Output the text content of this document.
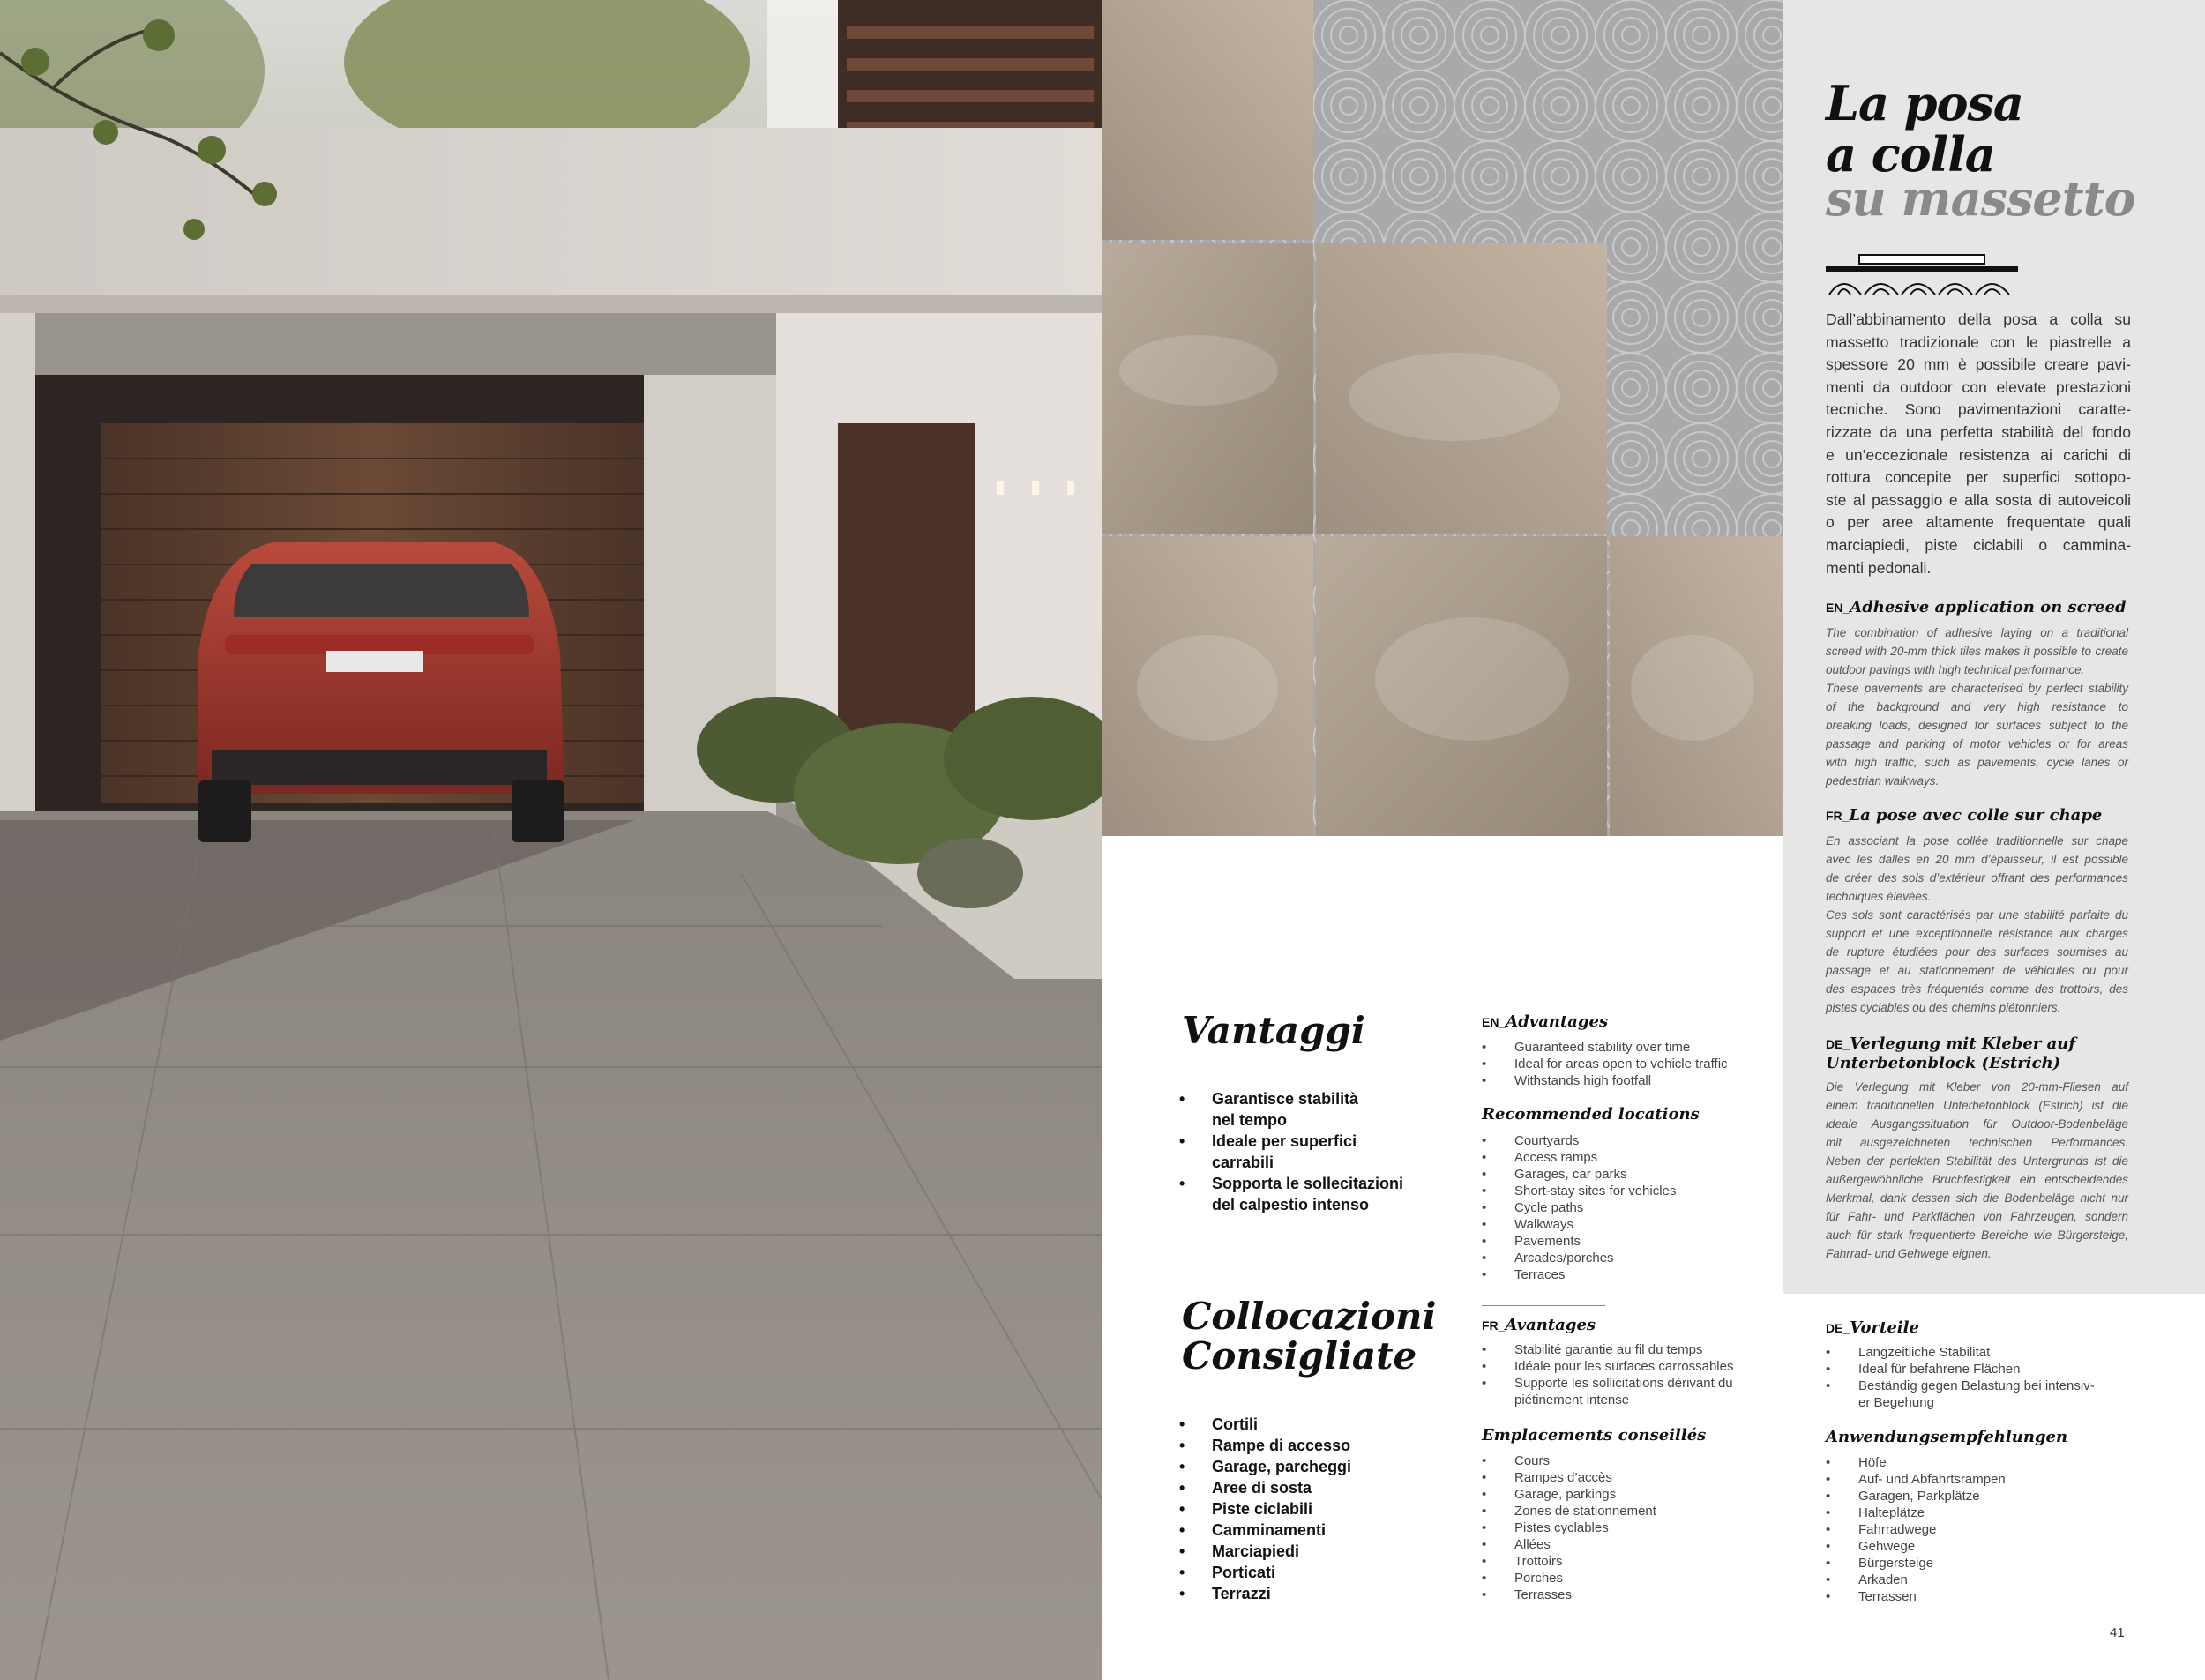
La posa
a colla
su massetto
Dall’abbinamento della posa a colla su
massetto tradizionale con le piastrelle a
spessore 20 mm è possibile creare pavi-
menti da outdoor con elevate prestazioni
tecniche. Sono pavimentazioni caratte-
rizzate da una perfetta stabilità del fondo
e un’eccezionale resistenza ai carichi di
rottura concepite per superfici sottopo-
ste al passaggio e alla sosta di autoveicoli
o per aree altamente frequentate quali
marciapiedi, piste ciclabili o cammina-
menti pedonali.
EN_Adhesive application on screed
The combination of adhesive laying on a traditional
screed with 20-mm thick tiles makes it possible to create
outdoor pavings with high technical performance.
These pavements are characterised by perfect stability
of the background and very high resistance to
breaking loads, designed for surfaces subject to the
passage and parking of motor vehicles or for areas
with high traffic, such as pavements, cycle lanes or
pedestrian walkways.
FR_La pose avec colle sur chape
En associant la pose collée traditionnelle sur chape
avec les dalles en 20 mm d’épaisseur, il est possible
de créer des sols d’extérieur offrant des performances
techniques élevées.
Ces sols sont caractérisés par une stabilité parfaite du
support et une exceptionnelle résistance aux charges
de rupture étudiées pour des surfaces soumises au
passage et au stationnement de véhicules ou pour
des espaces très fréquentés comme des trottoirs, des
pistes cyclables ou des chemins piétonniers.
DE_Verlegung mit Kleber auf
Unterbetonblock (Estrich)
Die Verlegung mit Kleber von 20-mm-Fliesen auf
einem traditionellen Unterbetonblock (Estrich) ist die
ideale Ausgangssituation für Outdoor-Bodenbeläge
mit ausgezeichneten technischen Performances.
Neben der perfekten Stabilität des Untergrunds ist die
außergewöhnliche Bruchfestigkeit ein entscheidendes
Merkmal, dank dessen sich die Bodenbeläge nicht nur
für Fahr- und Parkflächen von Fahrzeugen, sondern
auch für stark frequentierte Bereiche wie Bürgersteige,
Fahrrad- und Gehwege eignen.
Vantaggi
• Garantisce stabilità
nel tempo
• Ideale per superfici
carrabili
• Sopporta le sollecitazioni
del calpestio intenso
Collocazioni
Consigliate
• Cortili
• Rampe di accesso
• Garage, parcheggi
• Aree di sosta
• Piste ciclabili
• Camminamenti
• Marciapiedi
• Porticati
• Terrazzi
EN_Advantages
• Guaranteed stability over time
• Ideal for areas open to vehicle traffic
• Withstands high footfall
Recommended locations
• Courtyards
• Access ramps
• Garages, car parks
• Short-stay sites for vehicles
• Cycle paths
• Walkways
• Pavements
• Arcades/porches
• Terraces
FR_Avantages
• Stabilité garantie au fil du temps
• Idéale pour les surfaces carrossables
• Supporte les sollicitations dérivant du
piétinement intense
Emplacements conseillés
• Cours
• Rampes d’accès
• Garage, parkings
• Zones de stationnement
• Pistes cyclables
• Allées
• Trottoirs
• Porches
• Terrasses
DE_Vorteile
• Langzeitliche Stabilität
• Ideal für befahrene Flächen
• Beständig gegen Belastung bei intensiv-
er Begehung
Anwendungsempfehlungen
• Höfe
• Auf- und Abfahrtsrampen
• Garagen, Parkplätze
• Halteplätze
• Fahrradwege
• Gehwege
• Bürgersteige
• Arkaden
• Terrassen
41
